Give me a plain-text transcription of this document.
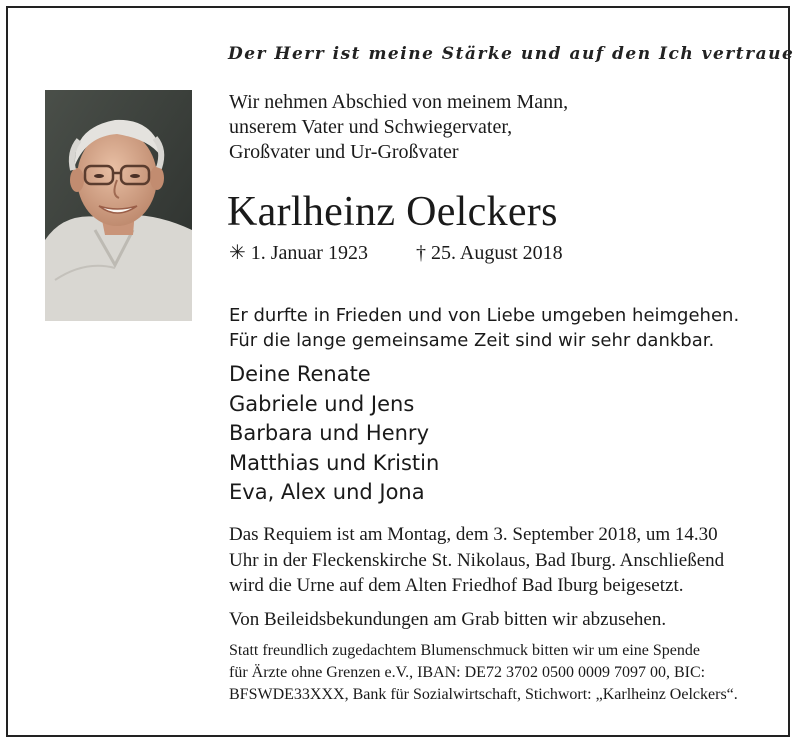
Der Herr ist meine Stärke und auf den Ich vertraue
Wir nehmen Abschied von meinem Mann,
unserem Vater und Schwiegervater,
Großvater und Ur-Großvater
Karlheinz Oelckers
✳ 1. Januar 1923 † 25. August 2018
Er durfte in Frieden und von Liebe umgeben heimgehen.
Für die lange gemeinsame Zeit sind wir sehr dankbar.
Deine Renate
Gabriele und Jens
Barbara und Henry
Matthias und Kristin
Eva, Alex und Jona
Das Requiem ist am Montag, dem 3. September 2018, um 14.30
Uhr in der Fleckenskirche St. Nikolaus, Bad Iburg. Anschließend
wird die Urne auf dem Alten Friedhof Bad Iburg beigesetzt.
Von Beileidsbekundungen am Grab bitten wir abzusehen.
Statt freundlich zugedachtem Blumenschmuck bitten wir um eine Spende
für Ärzte ohne Grenzen e.V., IBAN: DE72 3702 0500 0009 7097 00, BIC:
BFSWDE33XXX, Bank für Sozialwirtschaft, Stichwort: „Karlheinz Oelckers“.
